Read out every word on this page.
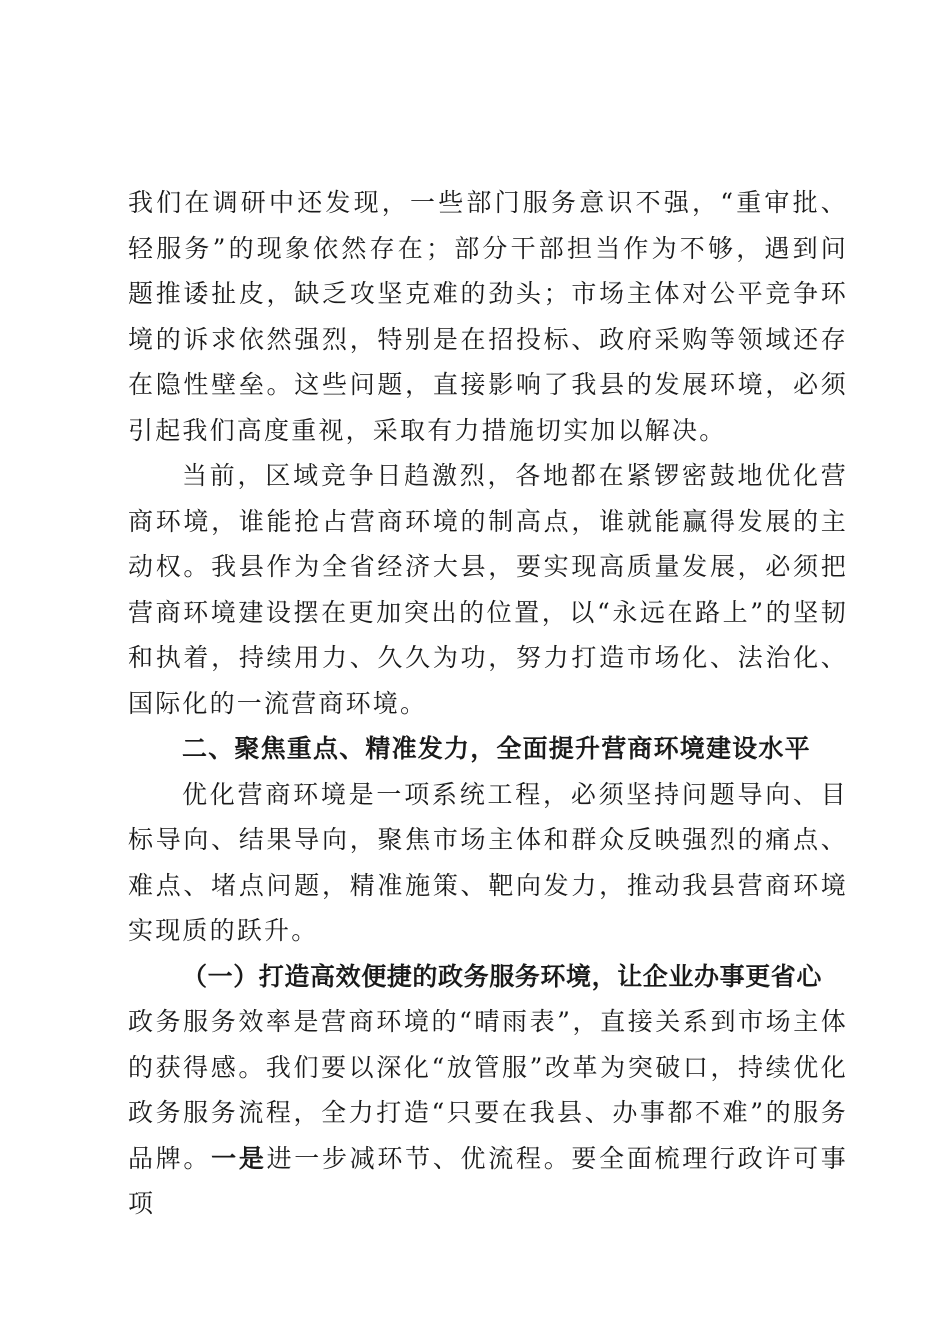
我们在调研中还发现，一些部门服务意识不强，“重审批、轻服务”的现象依然存在；部分干部担当作为不够，遇到问题推诿扯皮，缺乏攻坚克难的劲头；市场主体对公平竞争环境的诉求依然强烈，特别是在招投标、政府采购等领域还存在隐性壁垒。这些问题，直接影响了我县的发展环境，必须引起我们高度重视，采取有力措施切实加以解决。

当前，区域竞争日趋激烈，各地都在紧锣密鼓地优化营商环境，谁能抢占营商环境的制高点，谁就能赢得发展的主动权。我县作为全省经济大县，要实现高质量发展，必须把营商环境建设摆在更加突出的位置，以“永远在路上”的坚韧和执着，持续用力、久久为功，努力打造市场化、法治化、国际化的一流营商环境。

二、聚焦重点、精准发力，全面提升营商环境建设水平

优化营商环境是一项系统工程，必须坚持问题导向、目标导向、结果导向，聚焦市场主体和群众反映强烈的痛点、难点、堵点问题，精准施策、靶向发力，推动我县营商环境实现质的跃升。

（一）打造高效便捷的政务服务环境，让企业办事更省心

政务服务效率是营商环境的“晴雨表”，直接关系到市场主体的获得感。我们要以深化“放管服”改革为突破口，持续优化政务服务流程，全力打造“只要在我县、办事都不难”的服务品牌。一是进一步减环节、优流程。要全面梳理行政许可事项
